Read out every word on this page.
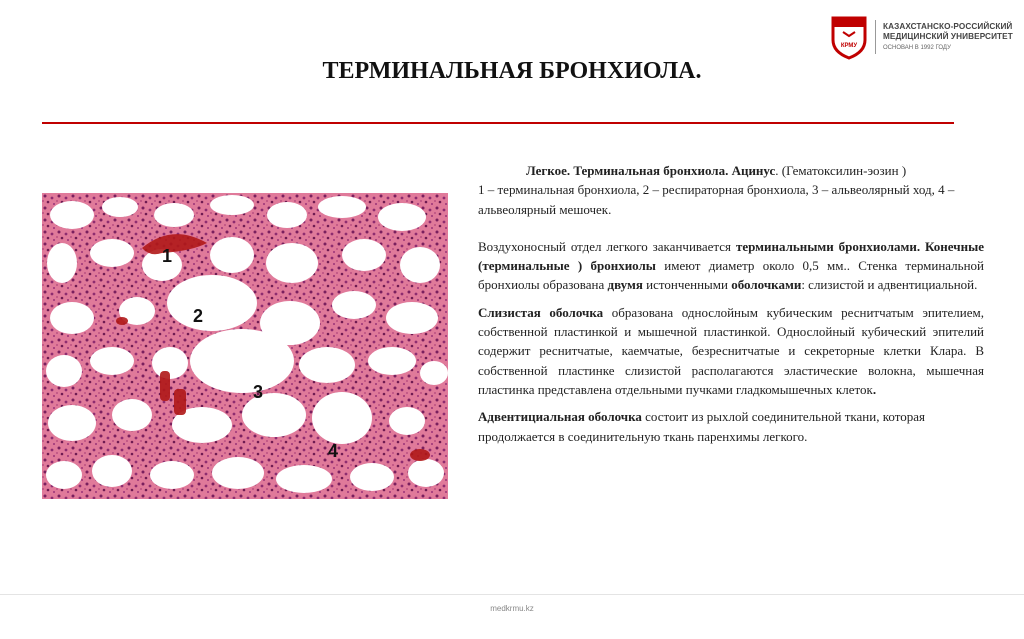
КРМУ
КАЗАХСТАНСКО-РОССИЙСКИЙ
МЕДИЦИНСКИЙ УНИВЕРСИТЕТ
ОСНОВАН В 1992 ГОДУ
ТЕРМИНАЛЬНАЯ БРОНХИОЛА.
1
2
3
4
Легкое. Терминальная бронхиола. Ацинус. (Гематоксилин-эозин )
1 – терминальная бронхиола, 2 – респираторная бронхиола, 3 – альвеолярный ход, 4 – альвеолярный мешочек.

Воздухоносный отдел легкого заканчивается терминальными бронхиолами. Конечные (терминальные ) бронхиолы имеют диаметр около 0,5 мм.. Стенка терминальной бронхиолы образована двумя истонченными оболочками: слизистой и адвентициальной.

Слизистая оболочка образована однослойным кубическим реснитчатым эпителием, собственной пластинкой и мышечной пластинкой. Однослойный кубический эпителий содержит реснитчатые, каемчатые, безреснитчатые и секреторные клетки Клара. В собственной пластинке слизистой располагаются эластические волокна, мышечная пластинка представлена отдельными пучками гладкомышечных клеток.

Адвентициальная оболочка состоит из рыхлой соединительной ткани, которая продолжается в соединительную ткань паренхимы легкого.

medkrmu.kz
